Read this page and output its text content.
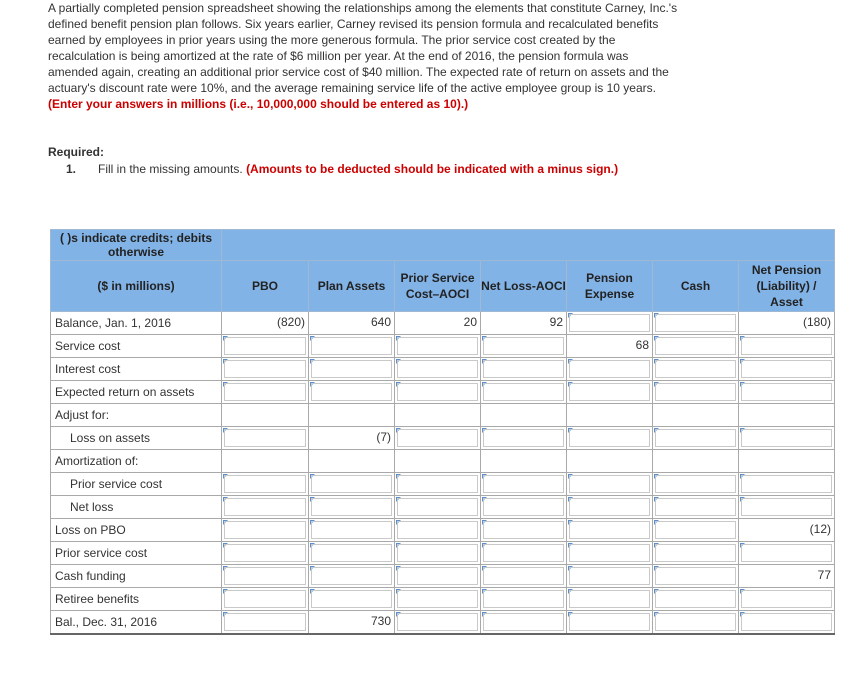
A partially completed pension spreadsheet showing the relationships among the elements that constitute Carney, Inc.'s defined benefit pension plan follows. Six years earlier, Carney revised its pension formula and recalculated benefits earned by employees in prior years using the more generous formula. The prior service cost created by the recalculation is being amortized at the rate of $6 million per year. At the end of 2016, the pension formula was amended again, creating an additional prior service cost of $40 million. The expected rate of return on assets and the actuary's discount rate were 10%, and the average remaining service life of the active employee group is 10 years. (Enter your answers in millions (i.e., 10,000,000 should be entered as 10).)
Required:
1. Fill in the missing amounts. (Amounts to be deducted should be indicated with a minus sign.)
( )s indicate credits; debits otherwise							
($ in millions)	PBO	Plan Assets	Prior Service Cost–AOCI	Net Loss-AOCI	Pension Expense	Cash	Net Pension (Liability) / Asset
Balance, Jan. 1, 2016	(820)	640	20	92			(180)

Service cost					68		

Interest cost	

Expected return on assets	

Adjust for:	

Loss on assets		(7)					

Amortization of:	

Prior service cost	

Net loss	

Loss on PBO							(12)

Prior service cost	

Cash funding							77

Retiree benefits	

Bal., Dec. 31, 2016		730					
